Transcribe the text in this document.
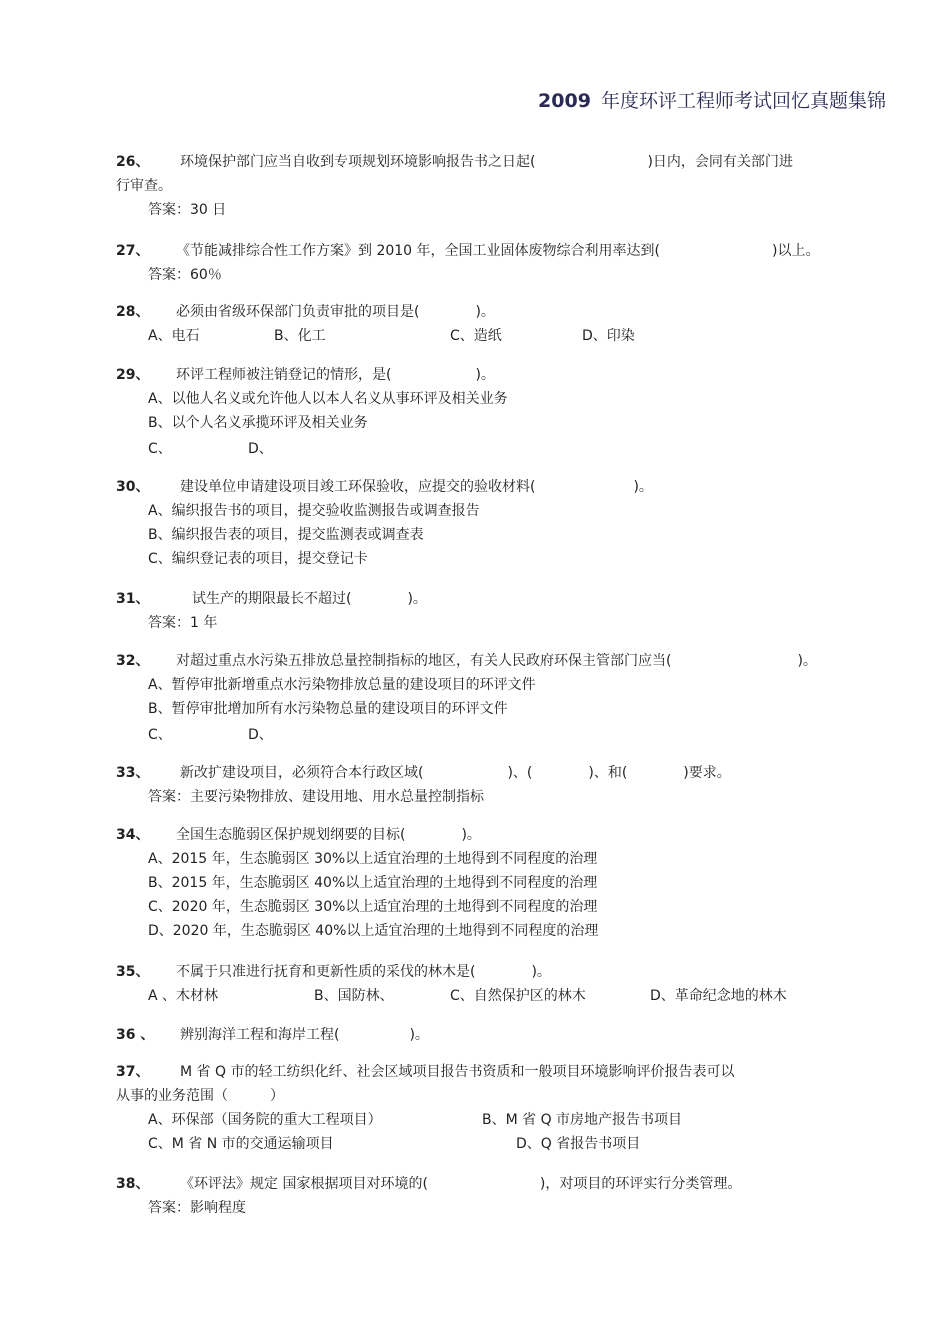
2009 年度环评工程师考试回忆真题集锦
26、	环境保护部门应当自收到专项规划环境影响报告书之日起(　　　　　　　　)日内，会同有关部门进
行审查。
答案：30 日
27、	《节能减排综合性工作方案》到 2010 年，全国工业固体废物综合利用率达到(　　　　　　　　)以上。
答案：60％
28、	必须由省级环保部门负责审批的项目是(　　　　)。
A、电石	B、化工	C、造纸	D、印染
29、	环评工程师被注销登记的情形，是(　　　　　　)。
A、以他人名义或允许他人以本人名义从事环评及相关业务
B、以个人名义承揽环评及相关业务
C、	D、
30、	建设单位申请建设项目竣工环保验收，应提交的验收材料(　　　　　　　)。
A、编织报告书的项目，提交验收监测报告或调查报告
B、编织报告表的项目，提交监测表或调查表
C、编织登记表的项目，提交登记卡
31、	试生产的期限最长不超过(　　　　)。
答案：1 年
32、	对超过重点水污染五排放总量控制指标的地区，有关人民政府环保主管部门应当(　　　　　　　　　)。
A、暂停审批新增重点水污染物排放总量的建设项目的环评文件
B、暂停审批增加所有水污染物总量的建设项目的环评文件
C、	D、
33、	新改扩建设项目，必须符合本行政区域(　　　　　　)、(　　　　)、和(　　　　)要求。
答案：主要污染物排放、建设用地、用水总量控制指标
34、	全国生态脆弱区保护规划纲要的目标(　　　　)。
A、2015 年，生态脆弱区 30%以上适宜治理的土地得到不同程度的治理
B、2015 年，生态脆弱区 40%以上适宜治理的土地得到不同程度的治理
C、2020 年，生态脆弱区 30%以上适宜治理的土地得到不同程度的治理
D、2020 年，生态脆弱区 40%以上适宜治理的土地得到不同程度的治理
35、	不属于只准进行抚育和更新性质的采伐的林木是(　　　　)。
A 、木材林	B、国防林、	C、自然保护区的林木	D、革命纪念地的林木
36 、	辨别海洋工程和海岸工程(　　　　　)。
37、	M 省 Q 市的轻工纺织化纤、社会区域项目报告书资质和一般项目环境影响评价报告表可以
从事的业务范围（　　　）
A、环保部（国务院的重大工程项目）	B、M 省 Q 市房地产报告书项目
C、M 省 N 市的交通运输项目	D、Q 省报告书项目
38、	《环评法》规定 国家根据项目对环境的(　　　　　　　　)，对项目的环评实行分类管理。
答案：影响程度
